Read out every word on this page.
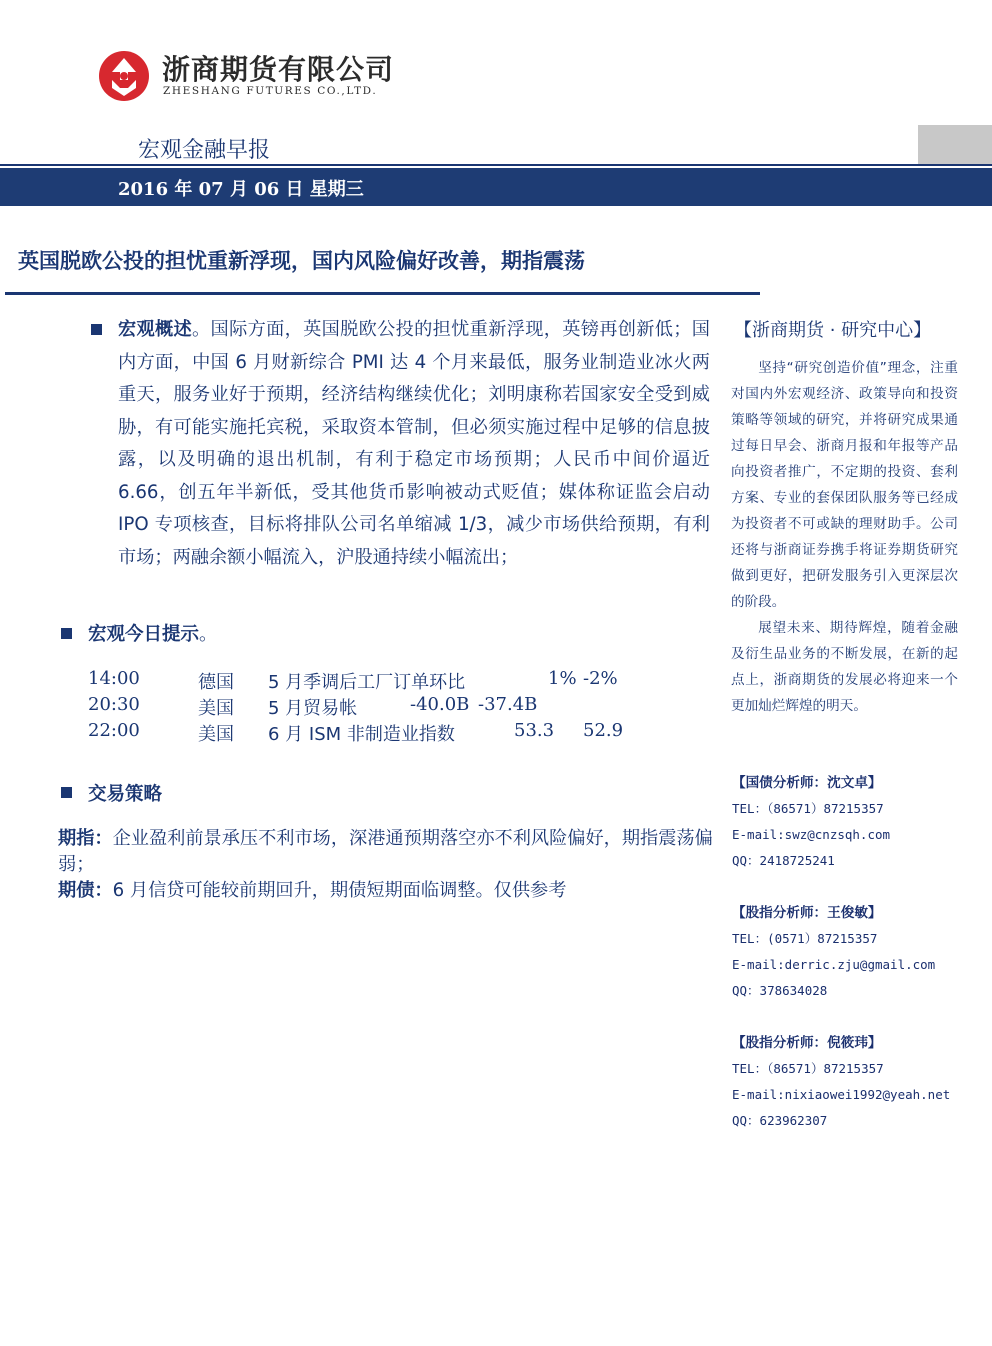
浙商期货有限公司
ZHESHANG FUTURES CO.,LTD.
宏观金融早报
2016 年 07 月 06 日 星期三
英国脱欧公投的担忧重新浮现，国内风险偏好改善，期指震荡
宏观概述。国际方面，英国脱欧公投的担忧重新浮现，英镑再创新低；国内方面，中国 6 月财新综合 PMI 达 4 个月来最低，服务业制造业冰火两重天，服务业好于预期，经济结构继续优化；刘明康称若国家安全受到威胁，有可能实施托宾税，采取资本管制，但必须实施过程中足够的信息披露，以及明确的退出机制，有利于稳定市场预期；人民币中间价逼近 6.66，创五年半新低，受其他货币影响被动式贬值；媒体称证监会启动 IPO 专项核查，目标将排队公司名单缩减 1/3，减少市场供给预期，有利市场；两融余额小幅流入，沪股通持续小幅流出；
宏观今日提示。
14:00	德国 5 月季调后工厂订单环比	1% -2%
20:30	美国 5 月贸易帐	-40.0B -37.4B
22:00	美国 6 月 ISM 非制造业指数	53.3 52.9
交易策略
期指：企业盈利前景承压不利市场，深港通预期落空亦不利风险偏好，期指震荡偏弱；
期债：6 月信贷可能较前期回升，期债短期面临调整。仅供参考
【浙商期货 · 研究中心】

坚持“研究创造价值”理念，注重对国内外宏观经济、政策导向和投资策略等领域的研究，并将研究成果通过每日早会、浙商月报和年报等产品向投资者推广，不定期的投资、套利方案、专业的套保团队服务等已经成为投资者不可或缺的理财助手。公司还将与浙商证券携手将证券期货研究做到更好，把研发服务引入更深层次的阶段。

展望未来、期待辉煌，随着金融及衍生品业务的不断发展，在新的起点上，浙商期货的发展必将迎来一个更加灿烂辉煌的明天。

【国债分析师：沈文卓】
TEL：（86571）87215357
E-mail:swz@cnzsqh.com
QQ：2418725241
【股指分析师：王俊敏】
TEL：(0571）87215357
E-mail:derric.zju@gmail.com
QQ：378634028
【股指分析师：倪筱玮】
TEL：（86571）87215357
E-mail:nixiaowei1992@yeah.net
QQ：623962307
